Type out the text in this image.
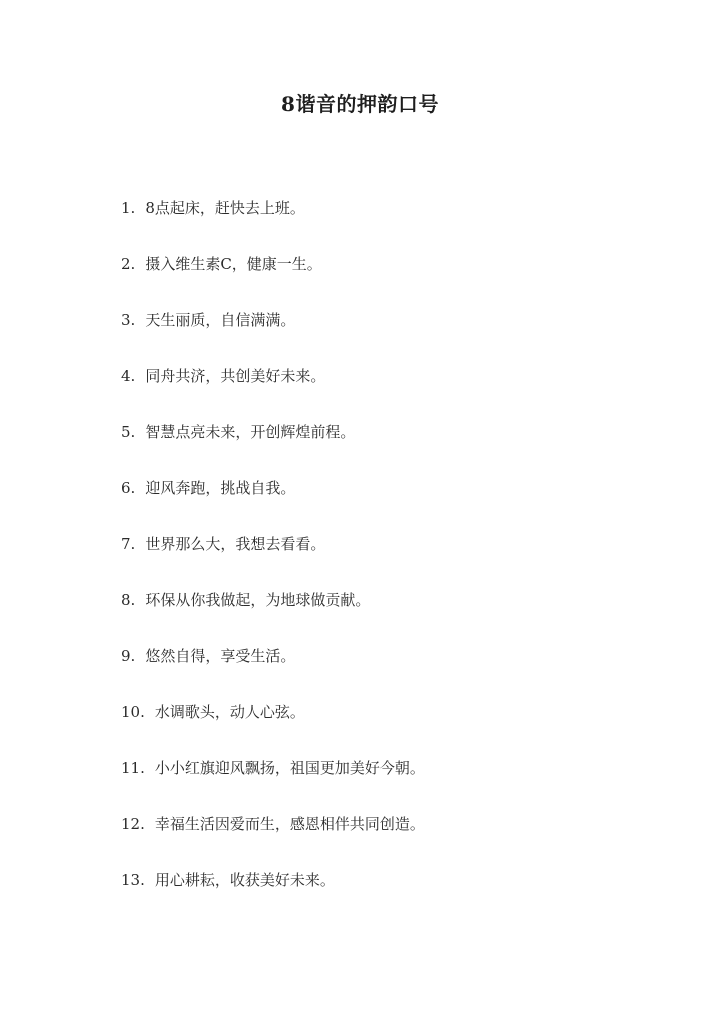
8谐音的押韵口号
1. 8点起床，赶快去上班。
2. 摄入维生素C，健康一生。
3. 天生丽质，自信满满。
4. 同舟共济，共创美好未来。
5. 智慧点亮未来，开创辉煌前程。
6. 迎风奔跑，挑战自我。
7. 世界那么大，我想去看看。
8. 环保从你我做起，为地球做贡献。
9. 悠然自得，享受生活。
10. 水调歌头，动人心弦。
11. 小小红旗迎风飘扬，祖国更加美好今朝。
12. 幸福生活因爱而生，感恩相伴共同创造。
13. 用心耕耘，收获美好未来。
